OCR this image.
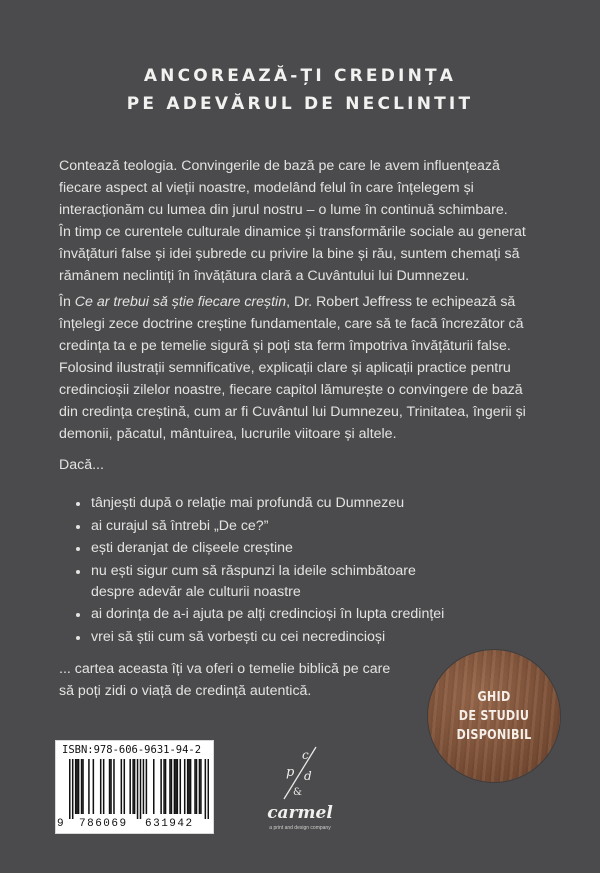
ANCOREAZĂ-ȚI CREDINȚA
PE ADEVĂRUL DE NECLINTIT
Contează teologia. Convingerile de bază pe care le avem influențează
fiecare aspect al vieții noastre, modelând felul în care înțelegem și
interacționăm cu lumea din jurul nostru – o lume în continuă schimbare.
În timp ce curentele culturale dinamice și transformările sociale au generat
învățături false și idei șubrede cu privire la bine și rău, suntem chemați să
rămânem neclintiți în învățătura clară a Cuvântului lui Dumnezeu.
În Ce ar trebui să știe fiecare creștin, Dr. Robert Jeffress te echipează să
înțelegi zece doctrine creștine fundamentale, care să te facă încrezător că
credința ta e pe temelie sigură și poți sta ferm împotriva învățăturii false.
Folosind ilustrații semnificative, explicații clare și aplicații practice pentru
credincioșii zilelor noastre, fiecare capitol lămurește o convingere de bază
din credința creștină, cum ar fi Cuvântul lui Dumnezeu, Trinitatea, îngerii și
demonii, păcatul, mântuirea, lucrurile viitoare și altele.
Dacă...
tânjești după o relație mai profundă cu Dumnezeu
ai curajul să întrebi „De ce?”
ești deranjat de clișeele creștine
nu ești sigur cum să răspunzi la ideile schimbătoare
despre adevăr ale culturii noastre
ai dorința de a-i ajuta pe alți credincioși în lupta credinței
vrei să știi cum să vorbești cu cei necredincioși
... cartea aceasta îți va oferi o temelie biblică pe care
să poți zidi o viață de credință autentică.	GHID
DE STUDIU
DISPONIBIL
ISBN:978-606-9631-94-2
9 786069 631942
c
p d
&
carmel
a print and design company
